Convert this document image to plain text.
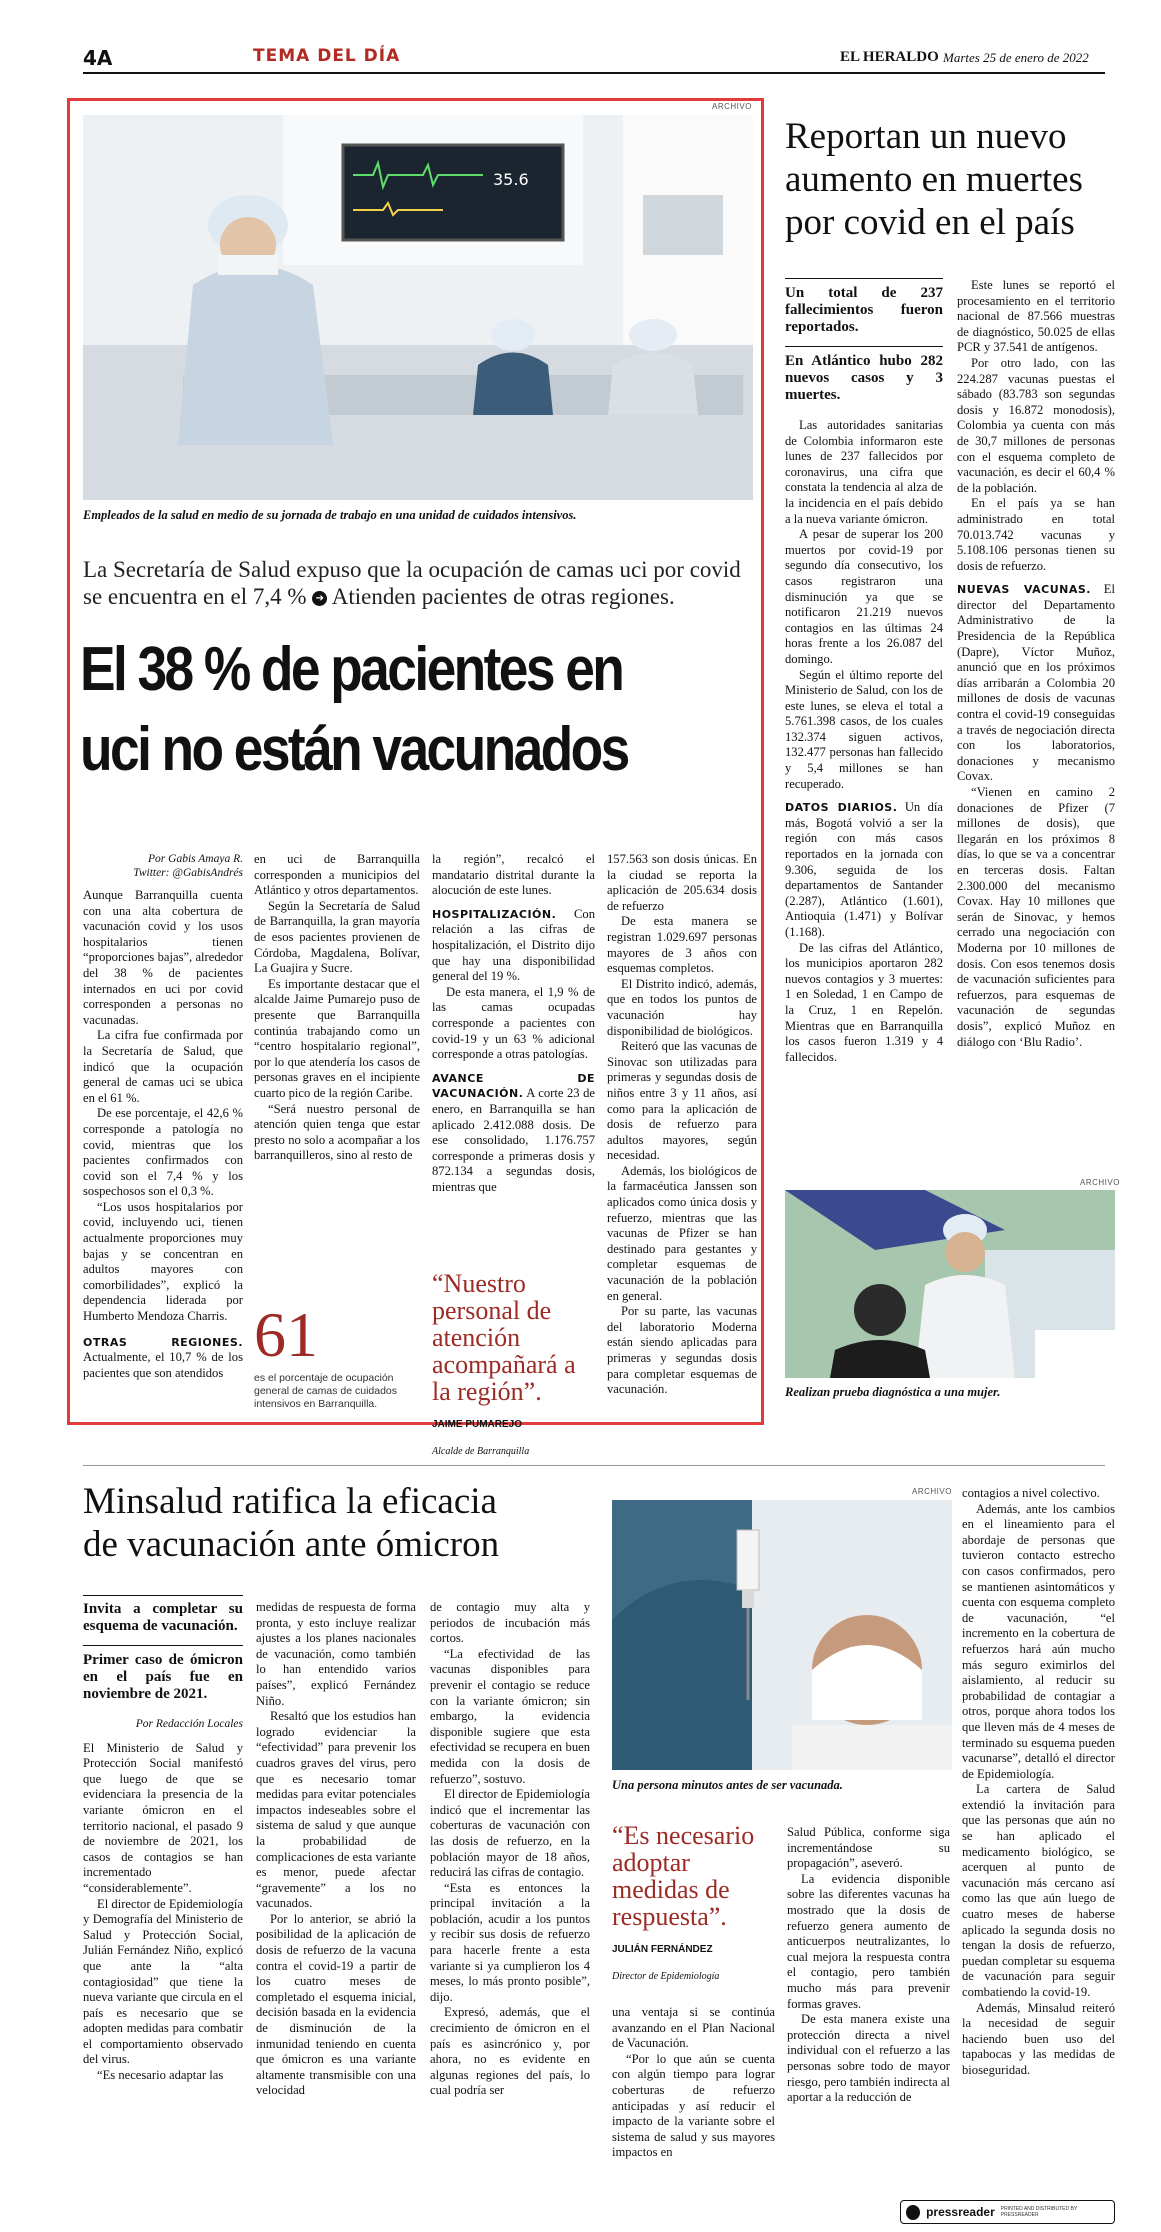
4A	TEMA DEL DÍA	EL HERALDO Martes 25 de enero de 2022
ARCHIVO
35.6
Empleados de la salud en medio de su jornada de trabajo en una unidad de cuidados intensivos.
La Secretaría de Salud expuso que la ocupación de camas uci por covid se encuentra en el 7,4 % ➔ Atienden pacientes de otras regiones.
El 38 % de pacientes en
uci no están vacunados
Por Gabis Amaya R.
Twitter: @GabisAndrés

Aunque Barranquilla cuenta con una alta cobertura de vacunación covid y los usos hospitalarios tienen “proporciones bajas”, alrededor del 38 % de pacientes internados en uci por covid corresponden a personas no vacunadas.

La cifra fue confirmada por la Secretaría de Salud, que indicó que la ocupación general de camas uci se ubica en el 61 %.

De ese porcentaje, el 42,6 % corresponde a patología no covid, mientras que los pacientes confirmados con covid son el 7,4 % y los sospechosos son el 0,3 %.

“Los usos hospitalarios por covid, incluyendo uci, tienen actualmente proporciones muy bajas y se concentran en adultos mayores con comorbilidades”, explicó la dependencia liderada por Humberto Mendoza Charris.

OTRAS REGIONES. Actualmente, el 10,7 % de los pacientes que son atendidos

en uci de Barranquilla corresponden a municipios del Atlántico y otros departamentos.

Según la Secretaría de Salud de Barranquilla, la gran mayoría de esos pacientes provienen de Córdoba, Magdalena, Bolívar, La Guajira y Sucre.

Es importante destacar que el alcalde Jaime Pumarejo puso de presente que Barranquilla continúa trabajando como un “centro hospitalario regional”, por lo que atendería los casos de personas graves en el incipiente cuarto pico de la región Caribe.

“Será nuestro personal de atención quien tenga que estar presto no solo a acompañar a los barranquilleros, sino al resto de

la región”, recalcó el mandatario distrital durante la alocución de este lunes.

HOSPITALIZACIÓN. Con relación a las cifras de hospitalización, el Distrito dijo que hay una disponibilidad general del 19 %.

De esta manera, el 1,9 % de las camas ocupadas corresponde a pacientes con covid-19 y un 63 % adicional corresponde a otras patologías.

AVANCE DE VACUNACIÓN. A corte 23 de enero, en Barranquilla se han aplicado 2.412.088 dosis. De ese consolidado, 1.176.757 corresponde a primeras dosis y 872.134 a segundas dosis, mientras que

157.563 son dosis únicas. En la ciudad se reporta la aplicación de 205.634 dosis de refuerzo

De esta manera se registran 1.029.697 personas mayores de 3 años con esquemas completos.

El Distrito indicó, además, que en todos los puntos de vacunación hay disponibilidad de biológicos.

Reiteró que las vacunas de Sinovac son utilizadas para primeras y segundas dosis de niños entre 3 y 11 años, así como para la aplicación de dosis de refuerzo para adultos mayores, según necesidad.

Además, los biológicos de la farmacéutica Janssen son aplicados como única dosis y refuerzo, mientras que las vacunas de Pfizer se han destinado para gestantes y completar esquemas de vacunación de la población en general.

Por su parte, las vacunas del laboratorio Moderna están siendo aplicadas para primeras y segundas dosis para completar esquemas de vacunación.

61
es el porcentaje de ocupación general de camas de cuidados intensivos en Barranquilla.
“Nuestro personal de atención acompañará a la región”.
JAIME PUMAREJO
Alcalde de Barranquilla
Reportan un nuevo aumento en muertes por covid en el país
Un total de 237 fallecimientos fueron reportados.
En Atlántico hubo 282 nuevos casos y 3 muertes.

Las autoridades sanitarias de Colombia informaron este lunes de 237 fallecidos por coronavirus, una cifra que constata la tendencia al alza de la incidencia en el país debido a la nueva variante ómicron.

A pesar de superar los 200 muertos por covid-19 por segundo día consecutivo, los casos registraron una disminución ya que se notificaron 21.219 nuevos contagios en las últimas 24 horas frente a los 26.087 del domingo.

Según el último reporte del Ministerio de Salud, con los de este lunes, se eleva el total a 5.761.398 casos, de los cuales 132.374 siguen activos, 132.477 personas han fallecido y 5,4 millones se han recuperado.

DATOS DIARIOS. Un día más, Bogotá volvió a ser la región con más casos reportados en la jornada con 9.306, seguida de los departamentos de Santander (2.287), Atlántico (1.601), Antioquia (1.471) y Bolívar (1.168).

De las cifras del Atlántico, los municipios aportaron 282 nuevos contagios y 3 muertes: 1 en Soledad, 1 en Campo de la Cruz, 1 en Repelón. Mientras que en Barranquilla los casos fueron 1.319 y 4 fallecidos.

Este lunes se reportó el procesamiento en el territorio nacional de 87.566 muestras de diagnóstico, 50.025 de ellas PCR y 37.541 de antígenos.

Por otro lado, con las 224.287 vacunas puestas el sábado (83.783 son segundas dosis y 16.872 monodosis), Colombia ya cuenta con más de 30,7 millones de personas con el esquema completo de vacunación, es decir el 60,4 % de la población.

En el país ya se han administrado en total 70.013.742 vacunas y 5.108.106 personas tienen su dosis de refuerzo.

NUEVAS VACUNAS. El director del Departamento Administrativo de la Presidencia de la República (Dapre), Víctor Muñoz, anunció que en los próximos días arribarán a Colombia 20 millones de dosis de vacunas contra el covid-19 conseguidas a través de negociación directa con los laboratorios, donaciones y mecanismo Covax.

“Vienen en camino 2 donaciones de Pfizer (7 millones de dosis), que llegarán en los próximos 8 días, lo que se va a concentrar en terceras dosis. Faltan 2.300.000 del mecanismo Covax. Hay 10 millones que serán de Sinovac, y hemos cerrado una negociación con Moderna por 10 millones de dosis. Con esos tenemos dosis de vacunación suficientes para refuerzos, para esquemas de vacunación de segundas dosis”, explicó Muñoz en diálogo con ‘Blu Radio’.

ARCHIVO
Realizan prueba diagnóstica a una mujer.
Minsalud ratifica la eficacia
de vacunación ante ómicron
Invita a completar su esquema de vacunación.
Primer caso de ómicron en el país fue en noviembre de 2021.
Por Redacción Locales

El Ministerio de Salud y Protección Social manifestó que luego de que se evidenciara la presencia de la variante ómicron en el territorio nacional, el pasado 9 de noviembre de 2021, los casos de contagios se han incrementado “considerablemente”.

El director de Epidemiología y Demografía del Ministerio de Salud y Protección Social, Julián Fernández Niño, explicó que ante la “alta contagiosidad” que tiene la nueva variante que circula en el país es necesario que se adopten medidas para combatir el comportamiento observado del virus.

“Es necesario adaptar las

medidas de respuesta de forma pronta, y esto incluye realizar ajustes a los planes nacionales de vacunación, como también lo han entendido varios países”, explicó Fernández Niño.

Resaltó que los estudios han logrado evidenciar la “efectividad” para prevenir los cuadros graves del virus, pero que es necesario tomar medidas para evitar potenciales impactos indeseables sobre el sistema de salud y que aunque la probabilidad de complicaciones de esta variante es menor, puede afectar “gravemente” a los no vacunados.

Por lo anterior, se abrió la posibilidad de la aplicación de dosis de refuerzo de la vacuna contra el covid-19 a partir de los cuatro meses de completado el esquema inicial, decisión basada en la evidencia de disminución de la inmunidad teniendo en cuenta que ómicron es una variante altamente transmisible con una velocidad

de contagio muy alta y periodos de incubación más cortos.

“La efectividad de las vacunas disponibles para prevenir el contagio se reduce con la variante ómicron; sin embargo, la evidencia disponible sugiere que esta efectividad se recupera en buen medida con la dosis de refuerzo”, sostuvo.

El director de Epidemiología indicó que el incrementar las coberturas de vacunación con las dosis de refuerzo, en la población mayor de 18 años, reducirá las cifras de contagio.

“Esta es entonces la principal invitación a la población, acudir a los puntos y recibir sus dosis de refuerzo para hacerle frente a esta variante si ya cumplieron los 4 meses, lo más pronto posible”, dijo.

Expresó, además, que el crecimiento de ómicron en el país es asincrónico y, por ahora, no es evidente en algunas regiones del país, lo cual podría ser

ARCHIVO
Una persona minutos antes de ser vacunada.
“Es necesario adoptar medidas de respuesta”.
JULIÁN FERNÁNDEZ
Director de Epidemiología

una ventaja si se continúa avanzando en el Plan Nacional de Vacunación.

“Por lo que aún se cuenta con algún tiempo para lograr coberturas de refuerzo anticipadas y así reducir el impacto de la variante sobre el sistema de salud y sus mayores impactos en

Salud Pública, conforme siga incrementándose su propagación”, aseveró.

La evidencia disponible sobre las diferentes vacunas ha mostrado que la dosis de refuerzo genera aumento de anticuerpos neutralizantes, lo cual mejora la respuesta contra el contagio, pero también mucho más para prevenir formas graves.

De esta manera existe una protección directa a nivel individual con el refuerzo a las personas sobre todo de mayor riesgo, pero también indirecta al aportar a la reducción de

contagios a nivel colectivo.

Además, ante los cambios en el lineamiento para el abordaje de personas que tuvieron contacto estrecho con casos confirmados, pero se mantienen asintomáticos y cuenta con esquema completo de vacunación, “el incremento en la cobertura de refuerzos hará aún mucho más seguro eximirlos del aislamiento, al reducir su probabilidad de contagiar a otros, porque ahora todos los que lleven más de 4 meses de terminado su esquema pueden vacunarse”, detalló el director de Epidemiología.

La cartera de Salud extendió la invitación para que las personas que aún no se han aplicado el medicamento biológico, se acerquen al punto de vacunación más cercano así como las que aún luego de cuatro meses de haberse aplicado la segunda dosis no tengan la dosis de refuerzo, puedan completar su esquema de vacunación para seguir combatiendo la covid-19.

Además, Minsalud reiteró la necesidad de seguir haciendo buen uso del tapabocas y las medidas de bioseguridad.

pressreader PRINTED AND DISTRIBUTED BY PRESSREADER
